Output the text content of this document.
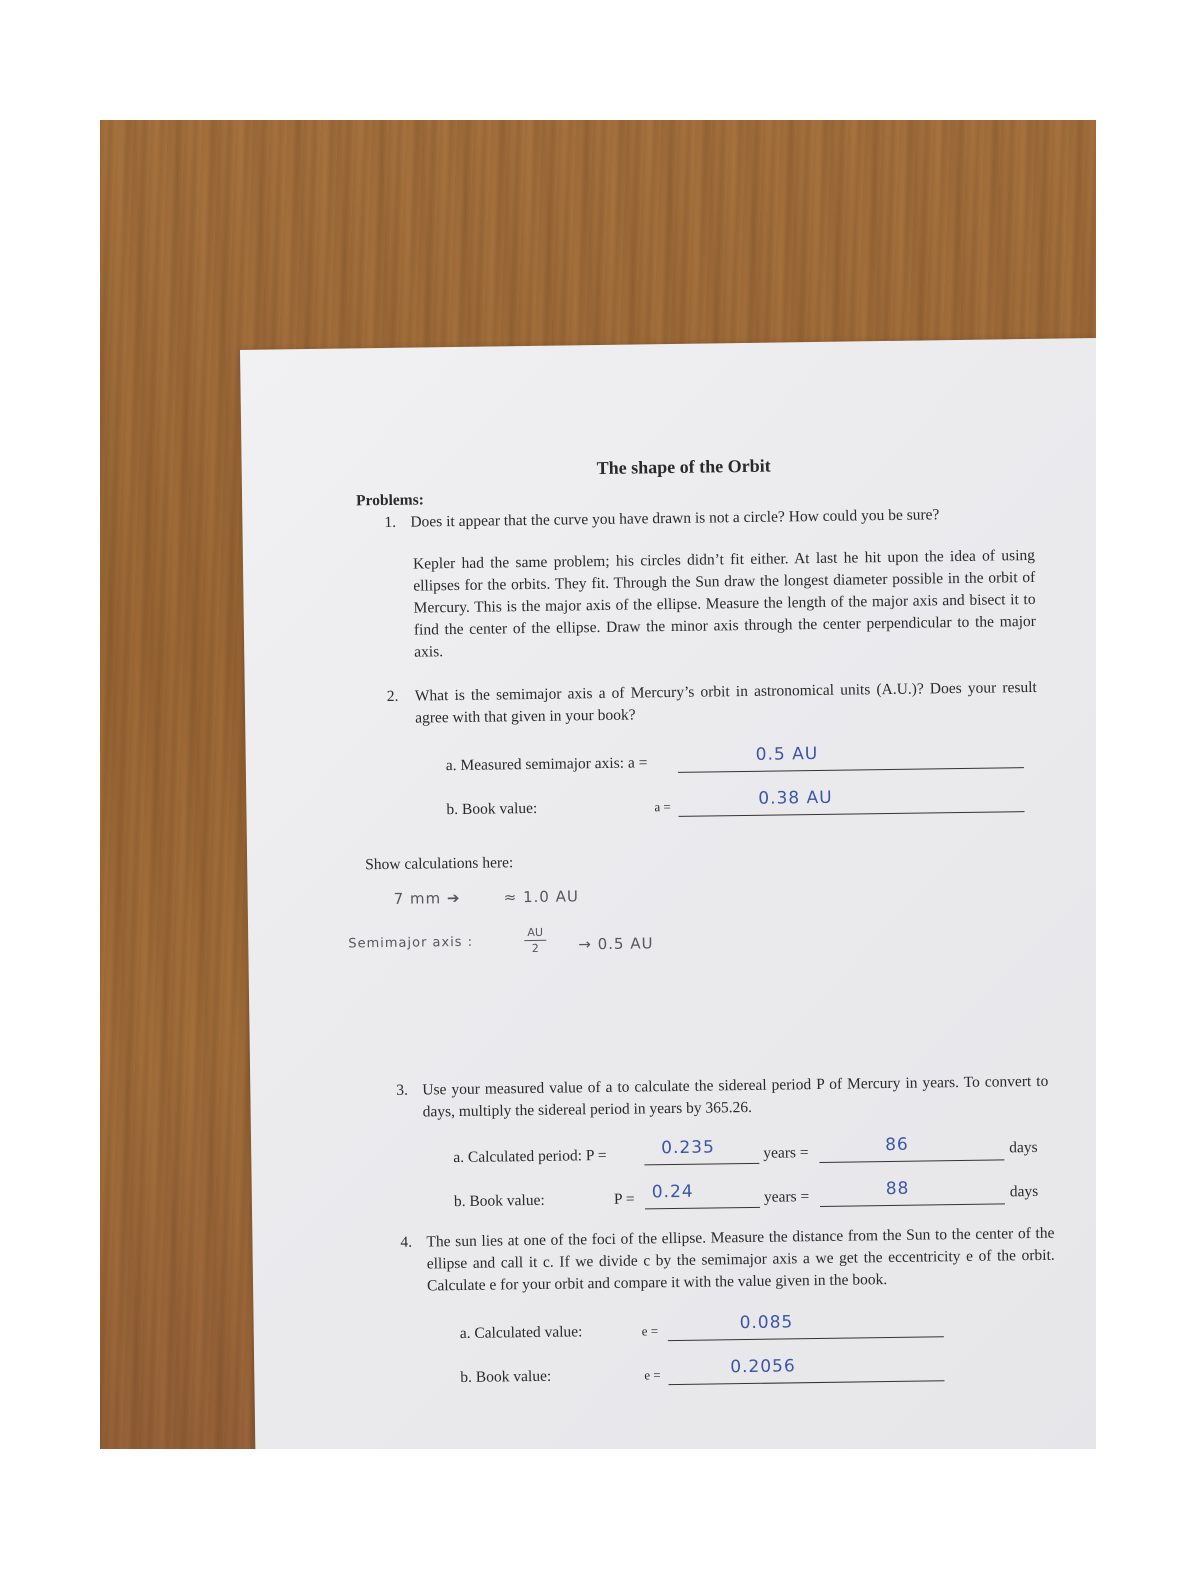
The shape of the Orbit
Problems:
1. Does it appear that the curve you have drawn is not a circle? How could you be sure?
Kepler had the same problem; his circles didn’t fit either. At last he hit upon the idea of using ellipses for the orbits. They fit. Through the Sun draw the longest diameter possible in the orbit of Mercury. This is the major axis of the ellipse. Measure the length of the major axis and bisect it to find the center of the ellipse. Draw the minor axis through the center perpendicular to the major axis.
2. What is the semimajor axis a of Mercury’s orbit in astronomical units (A.U.)? Does your result agree with that given in your book?
a. Measured semimajor axis: a =	0.5 AU
b. Book value:	a =	0.38 AU
Show calculations here:
7 mm ➔	≈ 1.0 AU
Semimajor axis :
AU
2	→ 0.5 AU
3. Use your measured value of a to calculate the sidereal period P of Mercury in years. To convert to days, multiply the sidereal period in years by 365.26.
a. Calculated period: P =	0.235	years =	86	days
b. Book value:	P = 0.24	years =	88	days
4. The sun lies at one of the foci of the ellipse. Measure the distance from the Sun to the center of the ellipse and call it c. If we divide c by the semimajor axis a we get the eccentricity e of the orbit. Calculate e for your orbit and compare it with the value given in the book.
a. Calculated value:	e =	0.085
b. Book value:	e =	0.2056
